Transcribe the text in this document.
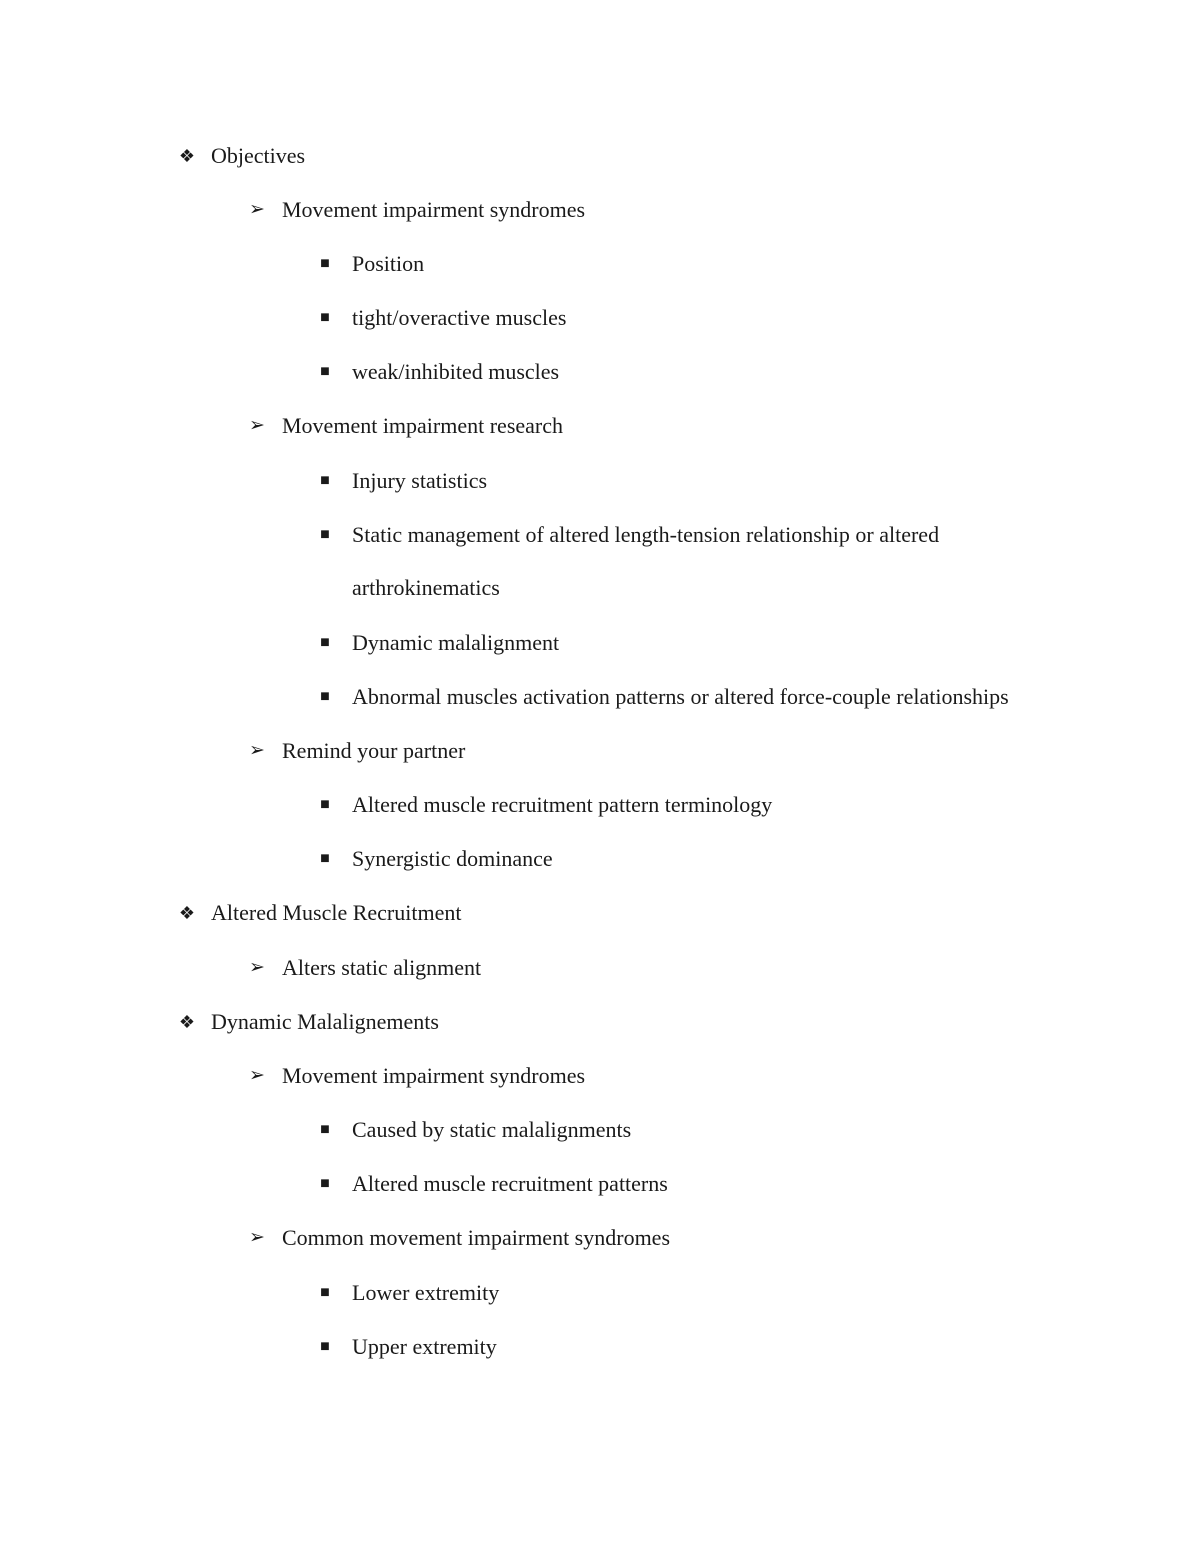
❖ Objectives
➢ Movement impairment syndromes
■ Position
■ tight/overactive muscles
■ weak/inhibited muscles
➢ Movement impairment research
■ Injury statistics
■ Static management of altered length-tension relationship or altered
arthrokinematics
■ Dynamic malalignment
■ Abnormal muscles activation patterns or altered force-couple relationships
➢ Remind your partner
■ Altered muscle recruitment pattern terminology
■ Synergistic dominance
❖ Altered Muscle Recruitment
➢ Alters static alignment
❖ Dynamic Malalignements
➢ Movement impairment syndromes
■ Caused by static malalignments
■ Altered muscle recruitment patterns
➢ Common movement impairment syndromes
■ Lower extremity
■ Upper extremity
